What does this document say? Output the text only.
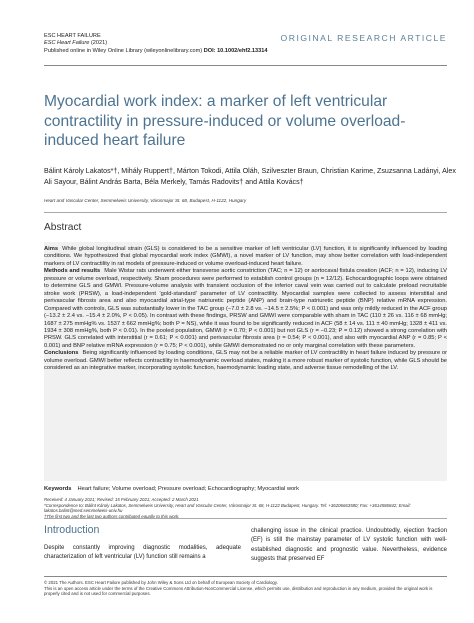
ESC HEART FAILURE
ESC Heart Failure (2021)
Published online in Wiley Online Library (wileyonlinelibrary.com) DOI: 10.1002/ehf2.13314
ORIGINAL RESEARCH ARTICLE
Myocardial work index: a marker of left ventricular contractility in pressure-induced or volume overload-induced heart failure
Bálint Károly Lakatos*†, Mihály Ruppert†, Márton Tokodi, Attila Oláh, Szilveszter Braun, Christian Karime, Zsuzsanna Ladányi, Alex Ali Sayour, Bálint András Barta, Béla Merkely, Tamás Radovits† and Attila Kovács†
Heart and Vascular Center, Semmelweis University, Városmajor St. 68, Budapest, H-1122, Hungary
Abstract

Aims While global longitudinal strain (GLS) is considered to be a sensitive marker of left ventricular (LV) function, it is significantly influenced by loading conditions. We hypothesized that global myocardial work index (GMWI), a novel marker of LV function, may show better correlation with load-independent markers of LV contractility in rat models of pressure-induced or volume overload-induced heart failure.

Methods and results Male Wistar rats underwent either transverse aortic constriction (TAC; n = 12) or aortocaval fistula creation (ACF; n = 12), inducing LV pressure or volume overload, respectively. Sham procedures were performed to establish control groups (n = 12/12). Echocardiographic loops were obtained to determine GLS and GMWI. Pressure-volume analysis with transient occlusion of the inferior caval vein was carried out to calculate preload recruitable stroke work (PRSW), a load-independent 'gold-standard' parameter of LV contractility. Myocardial samples were collected to assess interstitial and perivascular fibrosis area and also myocardial atrial-type natriuretic peptide (ANP) and brain-type natriuretic peptide (BNP) relative mRNA expression. Compared with controls, GLS was substantially lower in the TAC group (−7.0 ± 2.8 vs. −14.5 ± 2.5%; P < 0.001) and was only mildly reduced in the ACF group (−13.2 ± 2.4 vs. −15.4 ± 2.0%, P < 0.05). In contrast with these findings, PRSW and GMWI were comparable with sham in TAC (110 ± 26 vs. 116 ± 68 mmHg; 1687 ± 275 mmHg% vs. 1537 ± 662 mmHg%; both P = NS), while it was found to be significantly reduced in ACF (58 ± 14 vs. 111 ± 40 mmHg; 1328 ± 411 vs. 1934 ± 308 mmHg%, both P < 0.01). In the pooled population, GMWI (r = 0.70; P < 0.001) but not GLS (r = −0.23; P = 0.12) showed a strong correlation with PRSW. GLS correlated with interstitial (r = 0.61; P < 0.001) and perivascular fibrosis area (r = 0.54; P < 0.001), and also with myocardial ANP (r = 0.85; P < 0.001) and BNP relative mRNA expression (r = 0.75; P < 0.001), while GMWI demonstrated no or only marginal correlation with these parameters.

Conclusions Being significantly influenced by loading conditions, GLS may not be a reliable marker of LV contractility in heart failure induced by pressure or volume overload. GMWI better reflects contractility in haemodynamic overload states, making it a more robust marker of systolic function, while GLS should be considered as an integrative marker, incorporating systolic function, haemodynamic loading state, and adverse tissue remodelling of the LV.

Keywords Heart failure; Volume overload; Pressure overload; Echocardiography; Myocardial work
Received: 4 January 2021; Revised: 15 February 2021; Accepted: 2 March 2021
*Correspondence to: Bálint Károly Lakatos, Semmelweis University, Heart and Vascular Center, Városmajor St. 68, H-1122 Budapest, Hungary. Tel: +36206663580; Fax: +3614586842; Email: lakatos.balint@med.semmelweis-univ.hu
†The first two and the last two authors contributed equally to this work.
Introduction

Despite constantly improving diagnostic modalities, adequate characterization of left ventricular (LV) function still remains a

challenging issue in the clinical practice. Undoubtedly, ejection fraction (EF) is still the mainstay parameter of LV systolic function with well-established diagnostic and prognostic value. Nevertheless, evidence suggests that preserved EF

© 2021 The Authors. ESC Heart Failure published by John Wiley & Sons Ltd on behalf of European Society of Cardiology.
This is an open access article under the terms of the Creative Commons Attribution-NonCommercial License, which permits use, distribution and reproduction in any medium, provided the original work is properly cited and is not used for commercial purposes.
